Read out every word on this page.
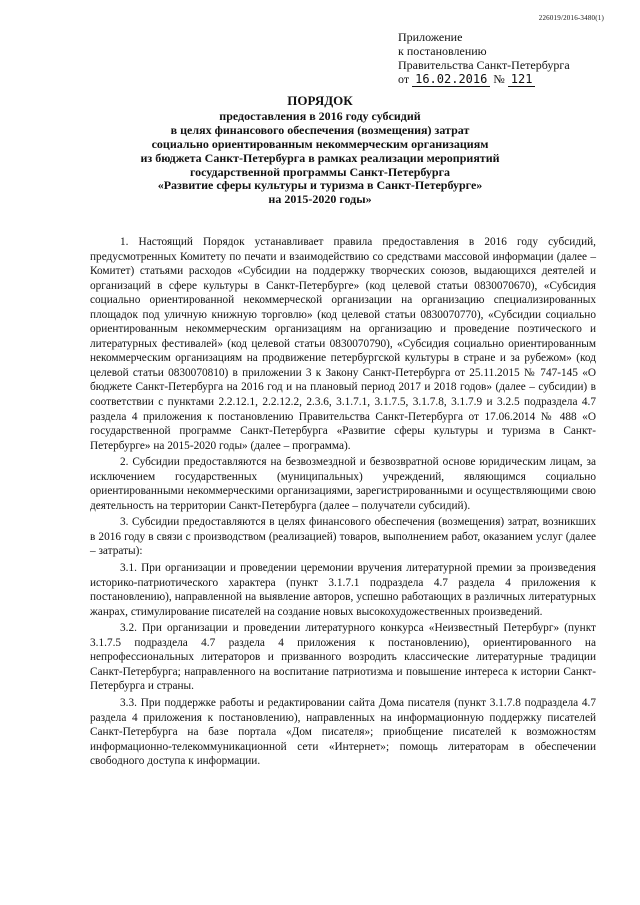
226019/2016-3480(1)
Приложение
к постановлению
Правительства Санкт-Петербурга
от 16.02.2016 № 121
ПОРЯДОК
предоставления в 2016 году субсидий
в целях финансового обеспечения (возмещения) затрат
социально ориентированным некоммерческим организациям
из бюджета Санкт-Петербурга в рамках реализации мероприятий
государственной программы Санкт-Петербурга
«Развитие сферы культуры и туризма в Санкт-Петербурге»
на 2015-2020 годы»

1. Настоящий Порядок устанавливает правила предоставления в 2016 году субсидий, предусмотренных Комитету по печати и взаимодействию со средствами массовой информации (далее – Комитет) статьями расходов «Субсидии на поддержку творческих союзов, выдающихся деятелей и организаций в сфере культуры в Санкт-Петербурге» (код целевой статьи 0830070670), «Субсидия социально ориентированной некоммерческой организации на организацию специализированных площадок под уличную книжную торговлю» (код целевой статьи 0830070770), «Субсидии социально ориентированным некоммерческим организациям на организацию и проведение поэтического и литературных фестивалей» (код целевой статьи 0830070790), «Субсидия социально ориентированным некоммерческим организациям на продвижение петербургской культуры в стране и за рубежом» (код целевой статьи 0830070810) в приложении 3 к Закону Санкт-Петербурга от 25.11.2015 № 747-145 «О бюджете Санкт-Петербурга на 2016 год и на плановый период 2017 и 2018 годов» (далее – субсидии) в соответствии с пунктами 2.2.12.1, 2.2.12.2, 2.3.6, 3.1.7.1, 3.1.7.5, 3.1.7.8, 3.1.7.9 и 3.2.5 подраздела 4.7 раздела 4 приложения к постановлению Правительства Санкт-Петербурга от 17.06.2014 № 488 «О государственной программе Санкт-Петербурга «Развитие сферы культуры и туризма в Санкт-Петербурге» на 2015-2020 годы» (далее – программа).

2. Субсидии предоставляются на безвозмездной и безвозвратной основе юридическим лицам, за исключением государственных (муниципальных) учреждений, являющимся социально ориентированными некоммерческими организациями, зарегистрированными и осуществляющими свою деятельность на территории Санкт-Петербурга (далее – получатели субсидий).

3. Субсидии предоставляются в целях финансового обеспечения (возмещения) затрат, возникших в 2016 году в связи с производством (реализацией) товаров, выполнением работ, оказанием услуг (далее – затраты):

3.1. При организации и проведении церемонии вручения литературной премии за произведения историко-патриотического характера (пункт 3.1.7.1 подраздела 4.7 раздела 4 приложения к постановлению), направленной на выявление авторов, успешно работающих в различных литературных жанрах, стимулирование писателей на создание новых высокохудожественных произведений.

3.2. При организации и проведении литературного конкурса «Неизвестный Петербург» (пункт 3.1.7.5 подраздела 4.7 раздела 4 приложения к постановлению), ориентированного на непрофессиональных литераторов и призванного возродить классические литературные традиции Санкт-Петербурга; направленного на воспитание патриотизма и повышение интереса к истории Санкт-Петербурга и страны.

3.3. При поддержке работы и редактировании сайта Дома писателя (пункт 3.1.7.8 подраздела 4.7 раздела 4 приложения к постановлению), направленных на информационную поддержку писателей Санкт-Петербурга на базе портала «Дом писателя»; приобщение писателей к возможностям информационно-телекоммуникационной сети «Интернет»; помощь литераторам в обеспечении свободного доступа к информации.
